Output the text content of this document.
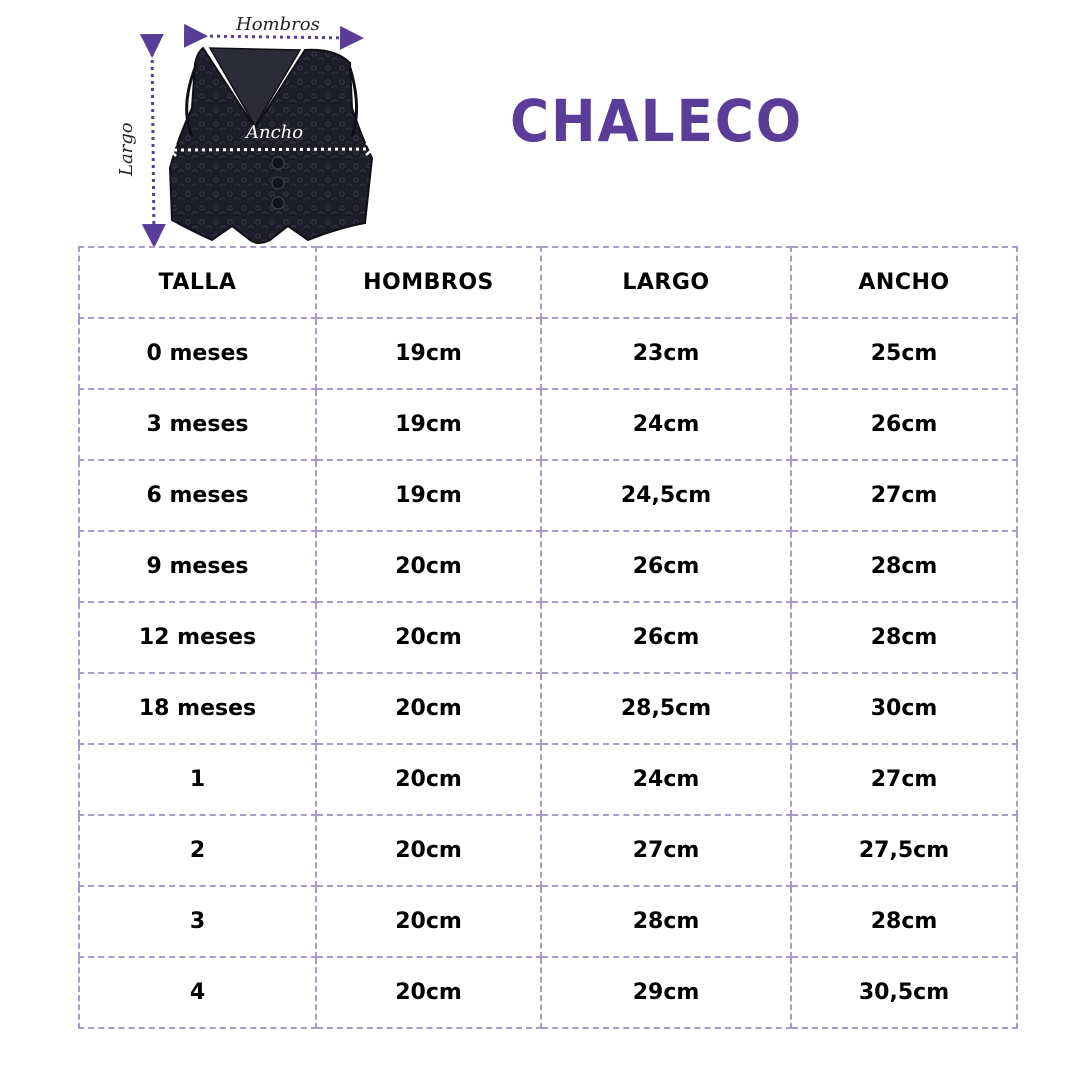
Hombros
Ancho
Largo	CHALECO
TALLA	HOMBROS	LARGO	ANCHO
0 meses	19cm	23cm	25cm
3 meses	19cm	24cm	26cm
6 meses	19cm	24,5cm	27cm
9 meses	20cm	26cm	28cm
12 meses	20cm	26cm	28cm
18 meses	20cm	28,5cm	30cm
1	20cm	24cm	27cm
2	20cm	27cm	27,5cm
3	20cm	28cm	28cm
4	20cm	29cm	30,5cm
